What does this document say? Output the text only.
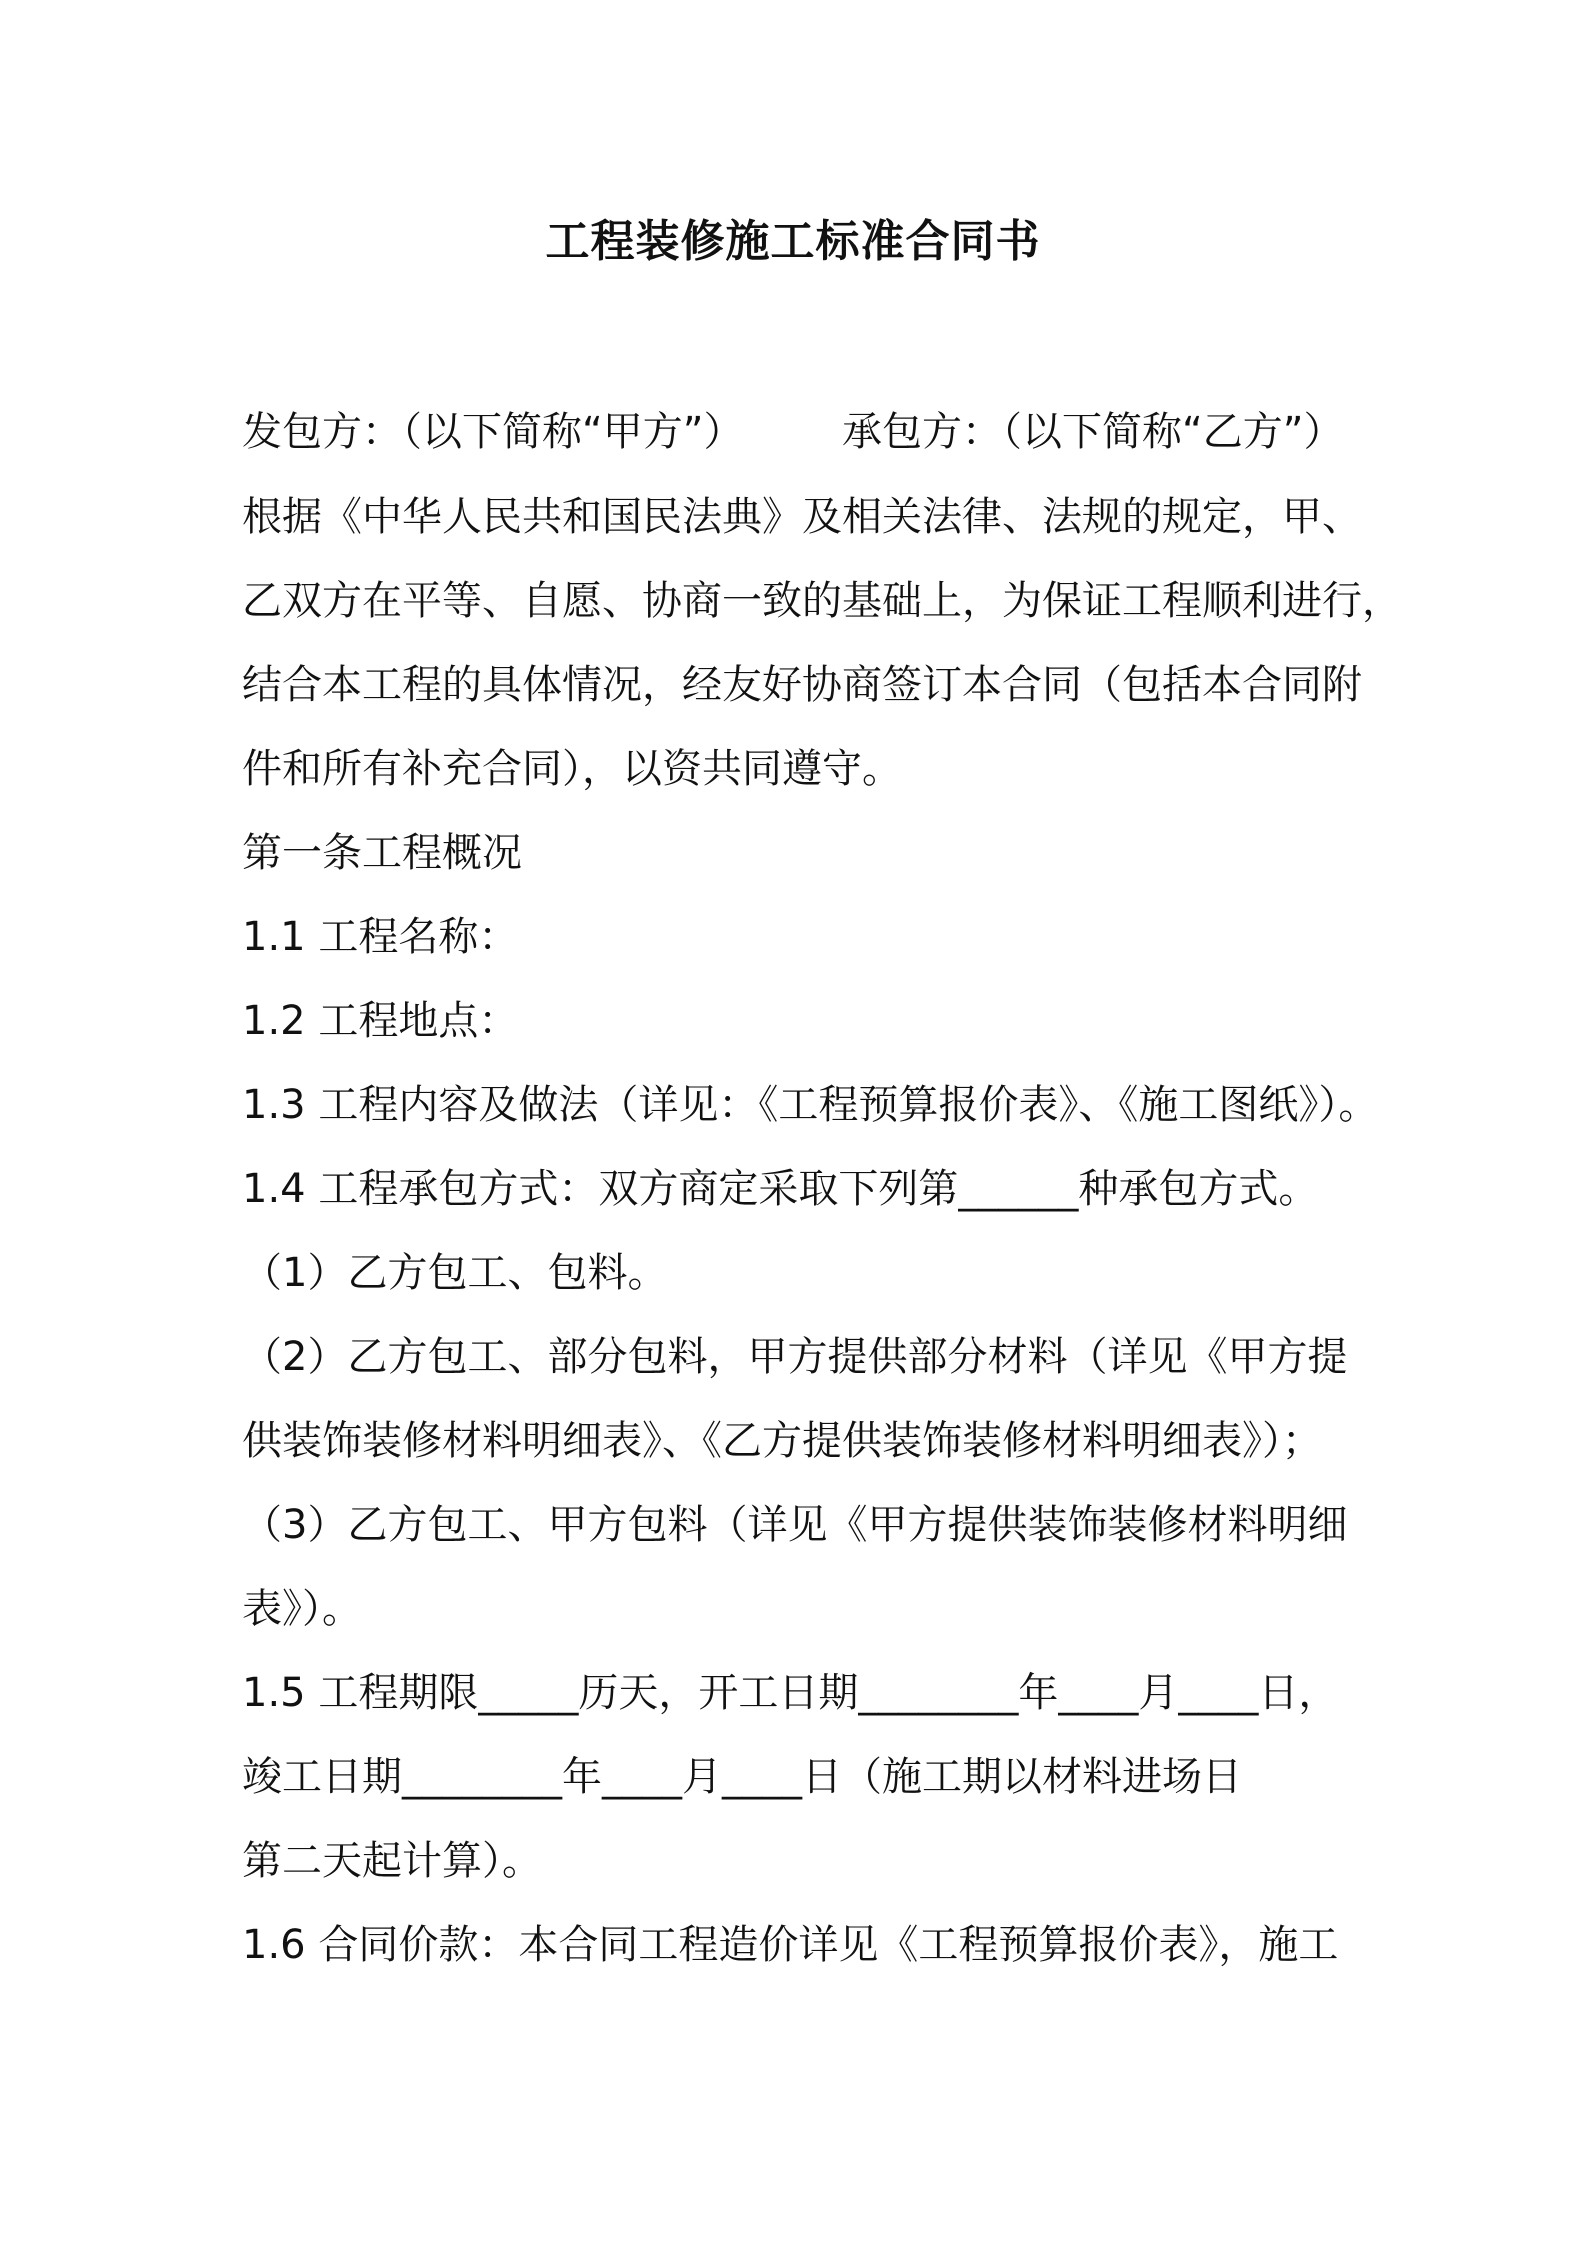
工程装修施工标准合同书
发包方：（以下简称“甲方”） 承包方：（以下简称“乙方”）
根据《中华人民共和国民法典》及相关法律、法规的规定，甲、
乙双方在平等、自愿、协商一致的基础上，为保证工程顺利进行，
结合本工程的具体情况，经友好协商签订本合同（包括本合同附
件和所有补充合同），以资共同遵守。
第一条工程概况
1.1 工程名称：
1.2 工程地点：
1.3 工程内容及做法（详见：《工程预算报价表》、《施工图纸》）。
1.4 工程承包方式：双方商定采取下列第______种承包方式。
（1）乙方包工、包料。
（2）乙方包工、部分包料，甲方提供部分材料（详见《甲方提
供装饰装修材料明细表》、《乙方提供装饰装修材料明细表》）；
（3）乙方包工、甲方包料（详见《甲方提供装饰装修材料明细
表》）。
1.5 工程期限_____历天，开工日期________年____月____日，
竣工日期________年____月____日（施工期以材料进场日
第二天起计算）。
1.6 合同价款：本合同工程造价详见《工程预算报价表》，施工
